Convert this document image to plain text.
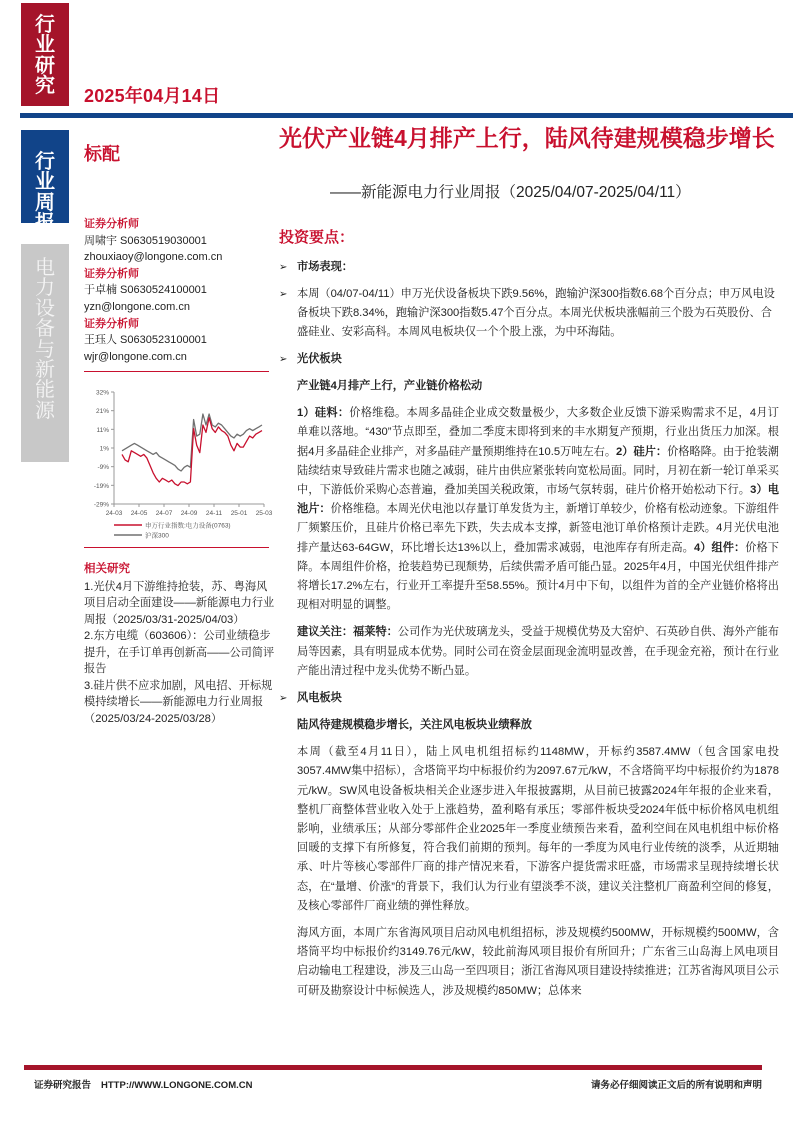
行
业
研
究 2025年04月14日
行
业
周
报
电
力
设
备
与
新
能
源
标配
证券分析师
周啸宇 S0630519030001
zhouxiaoy@longone.com.cn
证券分析师
于卓楠 S0630524100001
yzn@longone.com.cn
证券分析师
王珏人 S0630523100001
wjr@longone.com.cn
32%
21%
11%
1%
-9%
-19%
-29%
24-03 24-05 24-07 24-09 24-11 25-01 25-03
申万行业指数:电力设备(0763)
沪深300
相关研究
1.光伏4月下游维持抢装，苏、粤海风项目启动全面建设——新能源电力行业周报（2025/03/31-2025/04/03）
2.东方电缆（603606）：公司业绩稳步提升，在手订单再创新高——公司简评报告
3.硅片供不应求加剧，风电招、开标规模持续增长——新能源电力行业周报（2025/03/24-2025/03/28）
光伏产业链4月排产上行，陆风待建规模稳步增长
——新能源电力行业周报（2025/04/07-2025/04/11）
投资要点：
➢ 市场表现：
➢ 本周（04/07-04/11）申万光伏设备板块下跌9.56%，跑输沪深300指数6.68个百分点；申万风电设备板块下跌8.34%，跑输沪深300指数5.47个百分点。本周光伏板块涨幅前三个股为石英股份、合盛硅业、安彩高科。本周风电板块仅一个个股上涨，为中环海陆。
➢ 光伏板块
产业链4月排产上行，产业链价格松动
1）硅料：价格维稳。本周多晶硅企业成交数量极少，大多数企业反馈下游采购需求不足，4月订单难以落地。“430”节点即至，叠加二季度末即将到来的丰水期复产预期，行业出货压力加深。根据4月多晶硅企业排产，对多晶硅产量预期维持在10.5万吨左右。2）硅片：价格略降。由于抢装潮陆续结束导致硅片需求也随之减弱，硅片由供应紧张转向宽松局面。同时，月初在新一轮订单采买中，下游低价采购心态普遍，叠加美国关税政策，市场气氛转弱，硅片价格开始松动下行。3）电池片：价格维稳。本周光伏电池以存量订单发货为主，新增订单较少，价格有松动迹象。下游组件厂频繁压价，且硅片价格已率先下跌，失去成本支撑，新签电池订单价格预计走跌。4月光伏电池排产量达63-64GW，环比增长达13%以上，叠加需求减弱，电池库存有所走高。4）组件：价格下降。本周组件价格，抢装趋势已现颓势，后续供需矛盾可能凸显。2025年4月，中国光伏组件排产将增长17.2%左右，行业开工率提升至58.55%。预计4月中下旬，以组件为首的全产业链价格将出现相对明显的调整。
建议关注：福莱特：公司作为光伏玻璃龙头，受益于规模优势及大窑炉、石英砂自供、海外产能布局等因素，具有明显成本优势。同时公司在资金层面现金流明显改善，在手现金充裕，预计在行业产能出清过程中龙头优势不断凸显。
➢ 风电板块
陆风待建规模稳步增长，关注风电板块业绩释放
本周（截至4月11日），陆上风电机组招标约1148MW，开标约3587.4MW（包含国家电投3057.4MW集中招标），含塔筒平均中标报价约为2097.67元/kW，不含塔筒平均中标报价约为1878元/kW。SW风电设备板块相关企业逐步进入年报披露期，从目前已披露2024年年报的企业来看，整机厂商整体营业收入处于上涨趋势，盈利略有承压；零部件板块受2024年低中标价格风电机组影响，业绩承压；从部分零部件企业2025年一季度业绩预告来看，盈利空间在风电机组中标价格回暖的支撑下有所修复，符合我们前期的预判。每年的一季度为风电行业传统的淡季，从近期轴承、叶片等核心零部件厂商的排产情况来看，下游客户提货需求旺盛，市场需求呈现持续增长状态，在“量增、价涨”的背景下，我们认为行业有望淡季不淡，建议关注整机厂商盈利空间的修复，及核心零部件厂商业绩的弹性释放。
海风方面，本周广东省海风项目启动风电机组招标，涉及规模约500MW，开标规模约500MW，含塔筒平均中标报价约3149.76元/kW，较此前海风项目报价有所回升；广东省三山岛海上风电项目启动输电工程建设，涉及三山岛一至四项目；浙江省海风项目建设持续推进；江苏省海风项目公示可研及勘察设计中标候选人，涉及规模约850MW；总体来
证券研究报告 HTTP://WWW.LONGONE.COM.CN	请务必仔细阅读正文后的所有说明和声明
